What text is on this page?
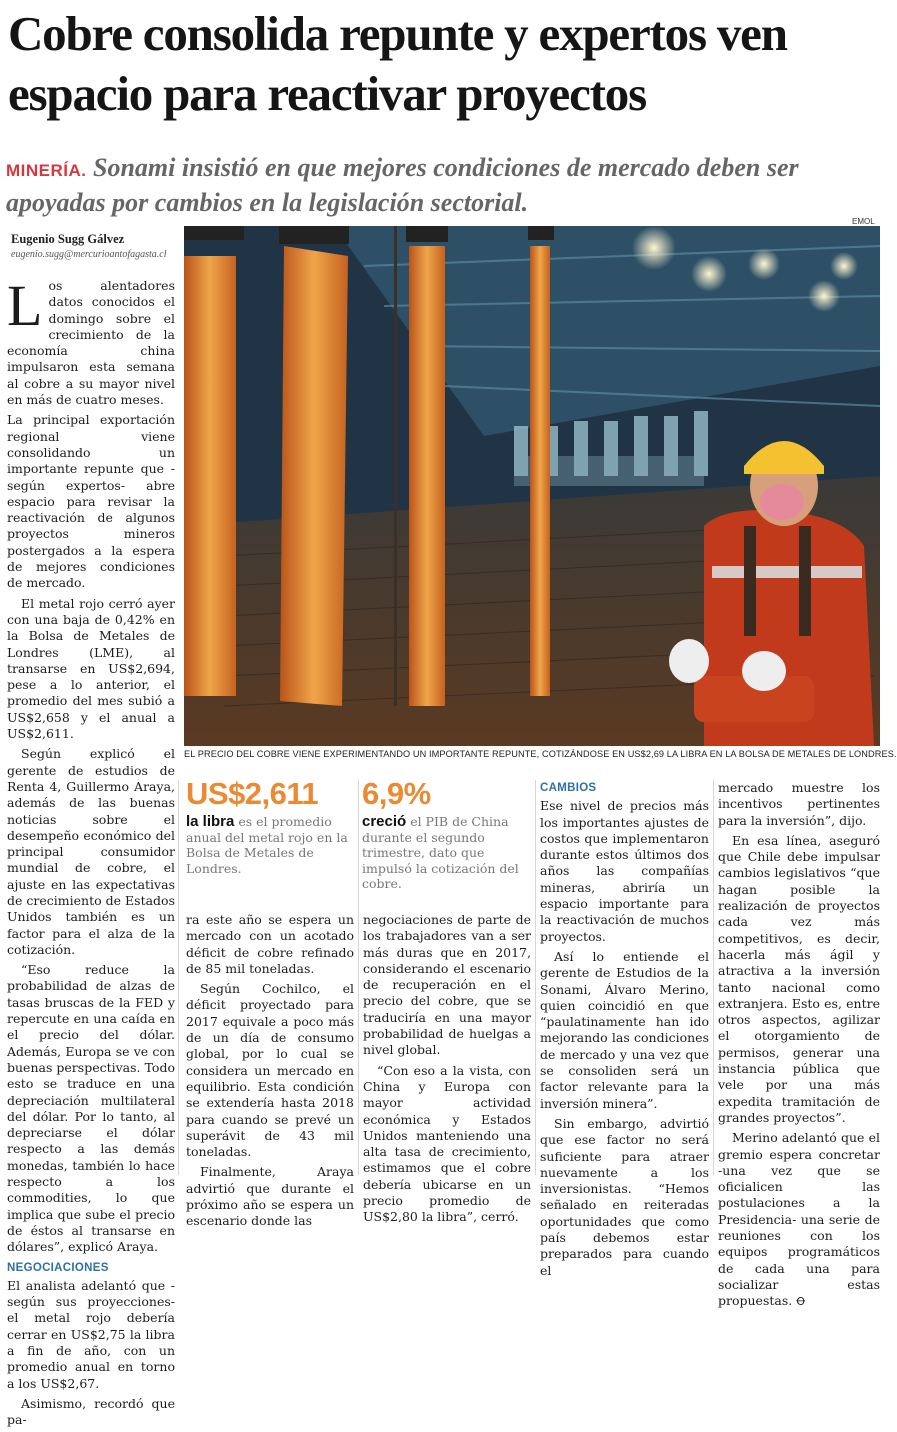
Cobre consolida repunte y expertos ven espacio para reactivar proyectos

MINERÍA. Sonami insistió en que mejores condiciones de mercado deben ser apoyadas por cambios en la legislación sectorial.

Eugenio Sugg Gálvez
eugenio.sugg@mercurioantofagasta.cl
EMOL
EL PRECIO DEL COBRE VIENE EXPERIMENTANDO UN IMPORTANTE REPUNTE, COTIZÁNDOSE EN US$2,69 LA LIBRA EN LA BOLSA DE METALES DE LONDRES.

Los alentadores datos conocidos el domingo sobre el crecimiento de la economía china impulsaron esta semana al cobre a su mayor nivel en más de cuatro meses.

La principal exportación regional viene consolidando un importante repunte que -según expertos- abre espacio para revisar la reactivación de algunos proyectos mineros postergados a la espera de mejores condiciones de mercado.

El metal rojo cerró ayer con una baja de 0,42% en la Bolsa de Metales de Londres (LME), al transarse en US$2,694, pese a lo anterior, el promedio del mes subió a US$2,658 y el anual a US$2,611.

Según explicó el gerente de estudios de Renta 4, Guillermo Araya, además de las buenas noticias sobre el desempeño económico del principal consumidor mundial de cobre, el ajuste en las expectativas de crecimiento de Estados Unidos también es un factor para el alza de la cotización.

“Eso reduce la probabilidad de alzas de tasas bruscas de la FED y repercute en una caída en el precio del dólar. Además, Europa se ve con buenas perspectivas. Todo esto se traduce en una depreciación multilateral del dólar. Por lo tanto, al depreciarse el dólar respecto a las demás monedas, también lo hace respecto a los commodities, lo que implica que sube el precio de éstos al transarse en dólares”, explicó Araya.

NEGOCIACIONES

El analista adelantó que -según sus proyecciones- el metal rojo debería cerrar en US$2,75 la libra a fin de año, con un promedio anual en torno a los US$2,67.

Asimismo, recordó que pa-

US$2,611
la libra es el promedio anual del metal rojo en la Bolsa de Metales de Londres.
6,9%
creció el PIB de China durante el segundo trimestre, dato que impulsó la cotización del cobre.

ra este año se espera un mercado con un acotado déficit de cobre refinado de 85 mil toneladas.

Según Cochilco, el déficit proyectado para 2017 equivale a poco más de un día de consumo global, por lo cual se considera un mercado en equilibrio. Esta condición se extendería hasta 2018 para cuando se prevé un superávit de 43 mil toneladas.

Finalmente, Araya advirtió que durante el próximo año se espera un escenario donde las

negociaciones de parte de los trabajadores van a ser más duras que en 2017, considerando el escenario de recuperación en el precio del cobre, que se traduciría en una mayor probabilidad de huelgas a nivel global.

“Con eso a la vista, con China y Europa con mayor actividad económica y Estados Unidos manteniendo una alta tasa de crecimiento, estimamos que el cobre debería ubicarse en un precio promedio de US$2,80 la libra”, cerró.

CAMBIOS

Ese nivel de precios más los importantes ajustes de costos que implementaron durante estos últimos dos años las compañías mineras, abriría un espacio importante para la reactivación de muchos proyectos.

Así lo entiende el gerente de Estudios de la Sonami, Álvaro Merino, quien coincidió en que “paulatinamente han ido mejorando las condiciones de mercado y una vez que se consoliden será un factor relevante para la inversión minera”.

Sin embargo, advirtió que ese factor no será suficiente para atraer nuevamente a los inversionistas. “Hemos señalado en reiteradas oportunidades que como país debemos estar preparados para cuando el

mercado muestre los incentivos pertinentes para la inversión”, dijo.

En esa línea, aseguró que Chile debe impulsar cambios legislativos “que hagan posible la realización de proyectos cada vez más competitivos, es decir, hacerla más ágil y atractiva a la inversión tanto nacional como extranjera. Esto es, entre otros aspectos, agilizar el otorgamiento de permisos, generar una instancia pública que vele por una más expedita tramitación de grandes proyectos”.

Merino adelantó que el gremio espera concretar -una vez que se oficialicen las postulaciones a la Presidencia- una serie de reuniones con los equipos programáticos de cada una para socializar estas propuestas. Ꝋ
